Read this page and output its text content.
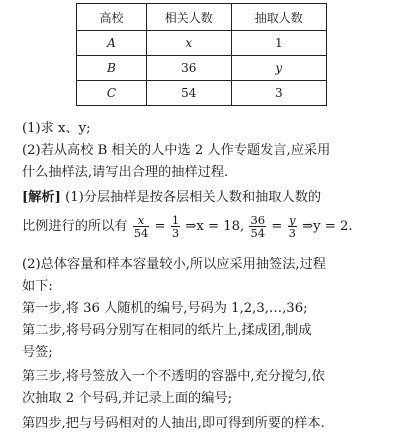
高校	相关人数	抽取人数
A	x	1
B	36	y
C	54	3
(1)求 x、y;
(2)若从高校 B 相关的人中选 2 人作专题发言,应采用
什么抽样法,请写出合理的抽样过程.
[解析] (1)分层抽样是按各层相关人数和抽取人数的
比例进行的所以有 $\frac{x}{54} = \frac{1}{3}$ ⇒x = 18, $\frac{36}{54} = \frac{y}{3}$ ⇒y = 2.
(2)总体容量和样本容量较小,所以应采用抽签法,过程
如下:
第一步,将 36 人随机的编号,号码为 1,2,3,…,36;
第二步,将号码分别写在相同的纸片上,揉成团,制成
号签;
第三步,将号签放入一个不透明的容器中,充分搅匀,依
次抽取 2 个号码,并记录上面的编号;
第四步,把与号码相对的人抽出,即可得到所要的样本.
